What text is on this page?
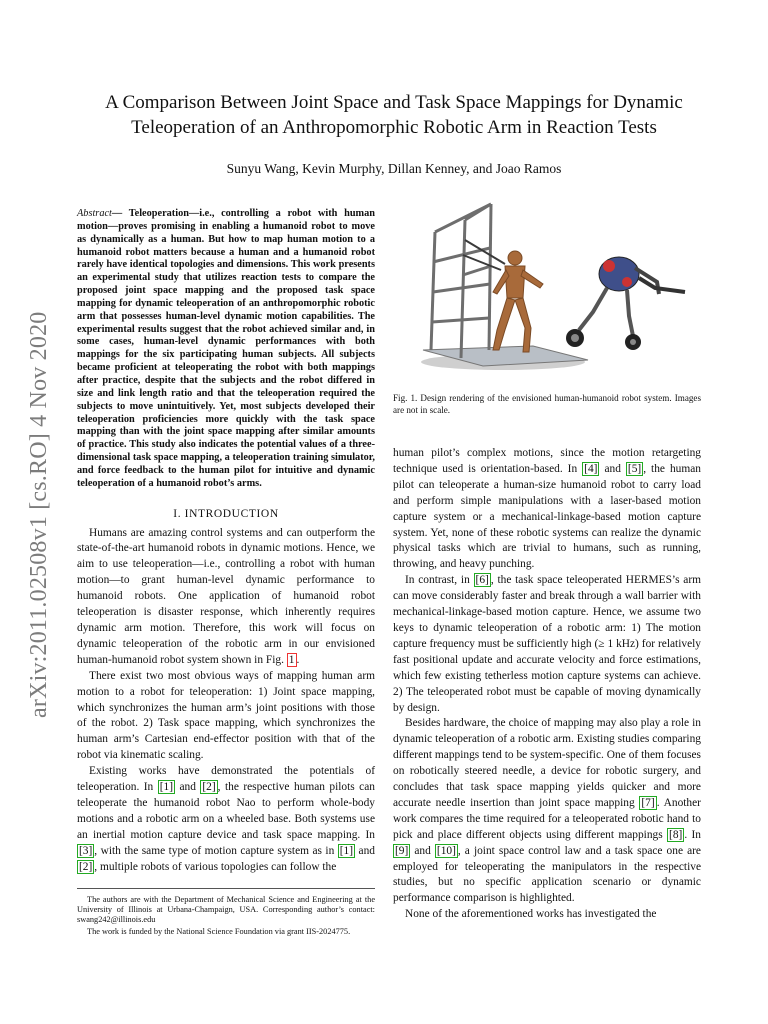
arXiv:2011.02508v1 [cs.RO] 4 Nov 2020
A Comparison Between Joint Space and Task Space Mappings for Dynamic
Teleoperation of an Anthropomorphic Robotic Arm in Reaction Tests
Sunyu Wang, Kevin Murphy, Dillan Kenney, and Joao Ramos

Abstract— Teleoperation—i.e., controlling a robot with human motion—proves promising in enabling a humanoid robot to move as dynamically as a human. But how to map human motion to a humanoid robot matters because a human and a humanoid robot rarely have identical topologies and dimensions. This work presents an experimental study that utilizes reaction tests to compare the proposed joint space mapping and the proposed task space mapping for dynamic teleoperation of an anthropomorphic robotic arm that possesses human-level dynamic motion capabilities. The experimental results suggest that the robot achieved similar and, in some cases, human-level dynamic performances with both mappings for the six participating human subjects. All subjects became proficient at teleoperating the robot with both mappings after practice, despite that the subjects and the robot differed in size and link length ratio and that the teleoperation required the subjects to move unintuitively. Yet, most subjects developed their teleoperation proficiencies more quickly with the task space mapping than with the joint space mapping after similar amounts of practice. This study also indicates the potential values of a three-dimensional task space mapping, a teleoperation training simulator, and force feedback to the human pilot for intuitive and dynamic teleoperation of a humanoid robot’s arms.

I. INTRODUCTION

Humans are amazing control systems and can outperform the state-of-the-art humanoid robots in dynamic motions. Hence, we aim to use teleoperation—i.e., controlling a robot with human motion—to grant human-level dynamic performance to humanoid robots. One application of humanoid robot teleoperation is disaster response, which inherently requires dynamic arm motion. Therefore, this work will focus on dynamic teleoperation of the robotic arm in our envisioned human-humanoid robot system shown in Fig. 1 .

There exist two most obvious ways of mapping human arm motion to a robot for teleoperation: 1) Joint space mapping, which synchronizes the human arm’s joint positions with those of the robot. 2) Task space mapping, which synchronizes the human arm’s Cartesian end-effector position with that of the robot via kinematic scaling.

Existing works have demonstrated the potentials of teleoperation. In [1] and [2] , the respective human pilots can teleoperate the humanoid robot Nao to perform whole-body motions and a robotic arm on a wheeled base. Both systems use an inertial motion capture device and task space mapping. In [3] , with the same type of motion capture system as in [1] and [2] , multiple robots of various topologies can follow the

The authors are with the Department of Mechanical Science and Engineering at the University of Illinois at Urbana-Champaign, USA. Corresponding author’s contact: swang242@illinois.edu

The work is funded by the National Science Foundation via grant IIS-2024775.

Fig. 1. Design rendering of the envisioned human-humanoid robot system. Images are not in scale.

human pilot’s complex motions, since the motion retargeting technique used is orientation-based. In [4] and [5] , the human pilot can teleoperate a human-size humanoid robot to carry load and perform simple manipulations with a laser-based motion capture system or a mechanical-linkage-based motion capture system. Yet, none of these robotic systems can realize the dynamic physical tasks which are trivial to humans, such as running, throwing, and heavy punching.

In contrast, in [6] , the task space teleoperated HERMES’s arm can move considerably faster and break through a wall barrier with mechanical-linkage-based motion capture. Hence, we assume two keys to dynamic teleoperation of a robotic arm: 1) The motion capture frequency must be sufficiently high (≥ 1 kHz) for relatively fast positional update and accurate velocity and force estimations, which few existing tetherless motion capture systems can achieve. 2) The teleoperated robot must be capable of moving dynamically by design.

Besides hardware, the choice of mapping may also play a role in dynamic teleoperation of a robotic arm. Existing studies comparing different mappings tend to be system-specific. One of them focuses on robotically steered needle, a device for robotic surgery, and concludes that task space mapping yields quicker and more accurate needle insertion than joint space mapping [7] . Another work compares the time required for a teleoperated robotic hand to pick and place different objects using different mappings [8] . In [9] and [10] , a joint space control law and a task space one are employed for teleoperating the manipulators in the respective studies, but no specific application scenario or dynamic performance comparison is highlighted.

None of the aforementioned works has investigated the
